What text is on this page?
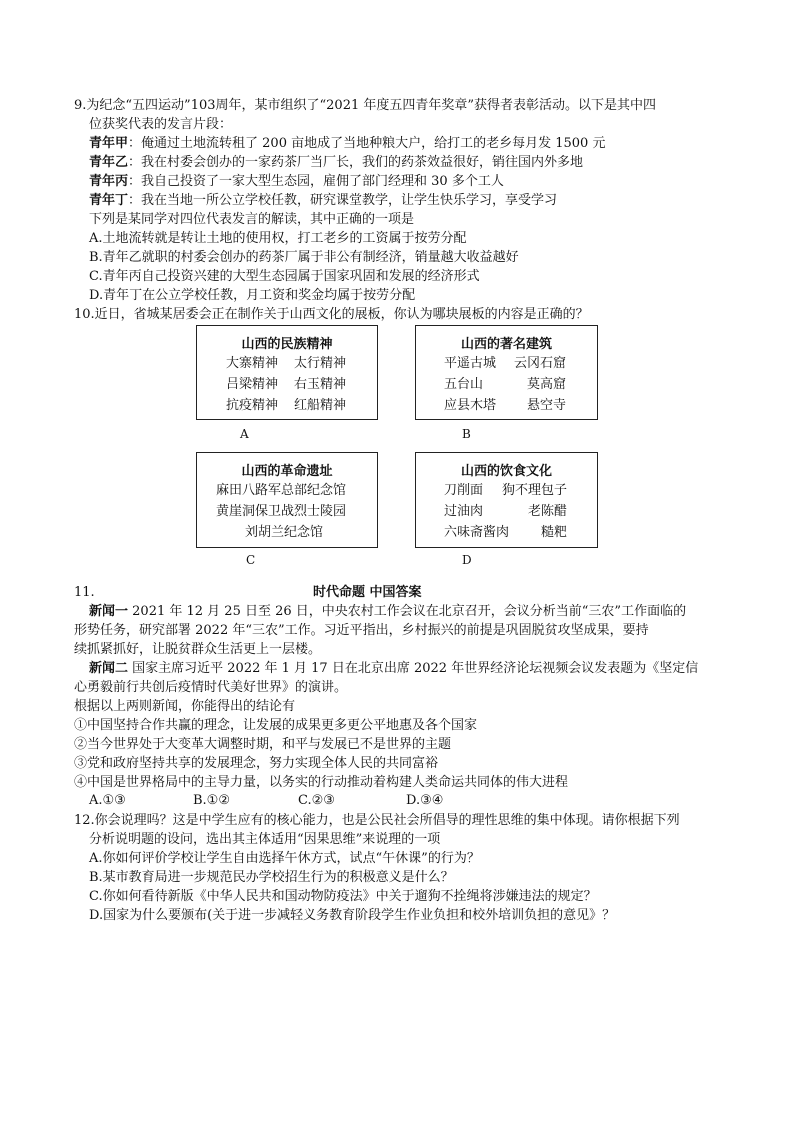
9.为纪念“五四运动”103周年，某市组织了“2021 年度五四青年奖章”获得者表彰活动。以下是其中四
位获奖代表的发言片段：
青年甲：俺通过土地流转租了 200 亩地成了当地种粮大户，给打工的老乡每月发 1500 元
青年乙：我在村委会创办的一家药茶厂当厂长，我们的药茶效益很好，销往国内外多地
青年丙：我自己投资了一家大型生态园，雇佣了部门经理和 30 多个工人
青年丁：我在当地一所公立学校任教，研究课堂教学，让学生快乐学习，享受学习
下列是某同学对四位代表发言的解读，其中正确的一项是
A.土地流转就是转让土地的使用权，打工老乡的工资属于按劳分配
B.青年乙就职的村委会创办的药茶厂属于非公有制经济，销量越大收益越好
C.青年丙自己投资兴建的大型生态园属于国家巩固和发展的经济形式
D.青年丁在公立学校任教，月工资和奖金均属于按劳分配
10.近日，省城某居委会正在制作关于山西文化的展板，你认为哪块展板的内容是正确的？
山西的民族精神
大寨精神 太行精神
吕梁精神 右玉精神
抗疫精神 红船精神
A
山西的著名建筑
平遥古城 云冈石窟
五台山	莫高窟
应县木塔 悬空寺
B
山西的革命遗址
麻田八路军总部纪念馆
黄崖洞保卫战烈士陵园
刘胡兰纪念馆
C
山西的饮食文化
刀削面 狗不理包子
过油肉	老陈醋
六味斋酱肉 糙粑
D
11.	时代命题 中国答案
新闻一 2021 年 12 月 25 日至 26 日，中央农村工作会议在北京召开，会议分析当前“三农”工作面临的
形势任务，研究部署 2022 年“三农”工作。习近平指出，乡村振兴的前提是巩固脱贫攻坚成果，要持
续抓紧抓好，让脱贫群众生活更上一层楼。
新闻二 国家主席习近平 2022 年 1 月 17 日在北京出席 2022 年世界经济论坛视频会议发表题为《坚定信
心勇毅前行共创后疫情时代美好世界》的演讲。
根据以上两则新闻，你能得出的结论有
①中国坚持合作共赢的理念，让发展的成果更多更公平地惠及各个国家
②当今世界处于大变革大调整时期，和平与发展已不是世界的主题
③党和政府坚持共享的发展理念，努力实现全体人民的共同富裕
④中国是世界格局中的主导力量，以务实的行动推动着构建人类命运共同体的伟大进程
A.①③	B.①②	C.②③	D.③④
12.你会说理吗？这是中学生应有的核心能力，也是公民社会所倡导的理性思维的集中体现。请你根据下列
分析说明题的设问，选出其主体适用“因果思维”来说理的一项
A.你如何评价学校让学生自由选择午休方式，试点“午休课”的行为？
B.某市教育局进一步规范民办学校招生行为的积极意义是什么？
C.你如何看待新版《中华人民共和国动物防疫法》中关于遛狗不拴绳将涉嫌违法的规定？
D.国家为什么要颁布(关于进一步减轻义务教育阶段学生作业负担和校外培训负担的意见》？
